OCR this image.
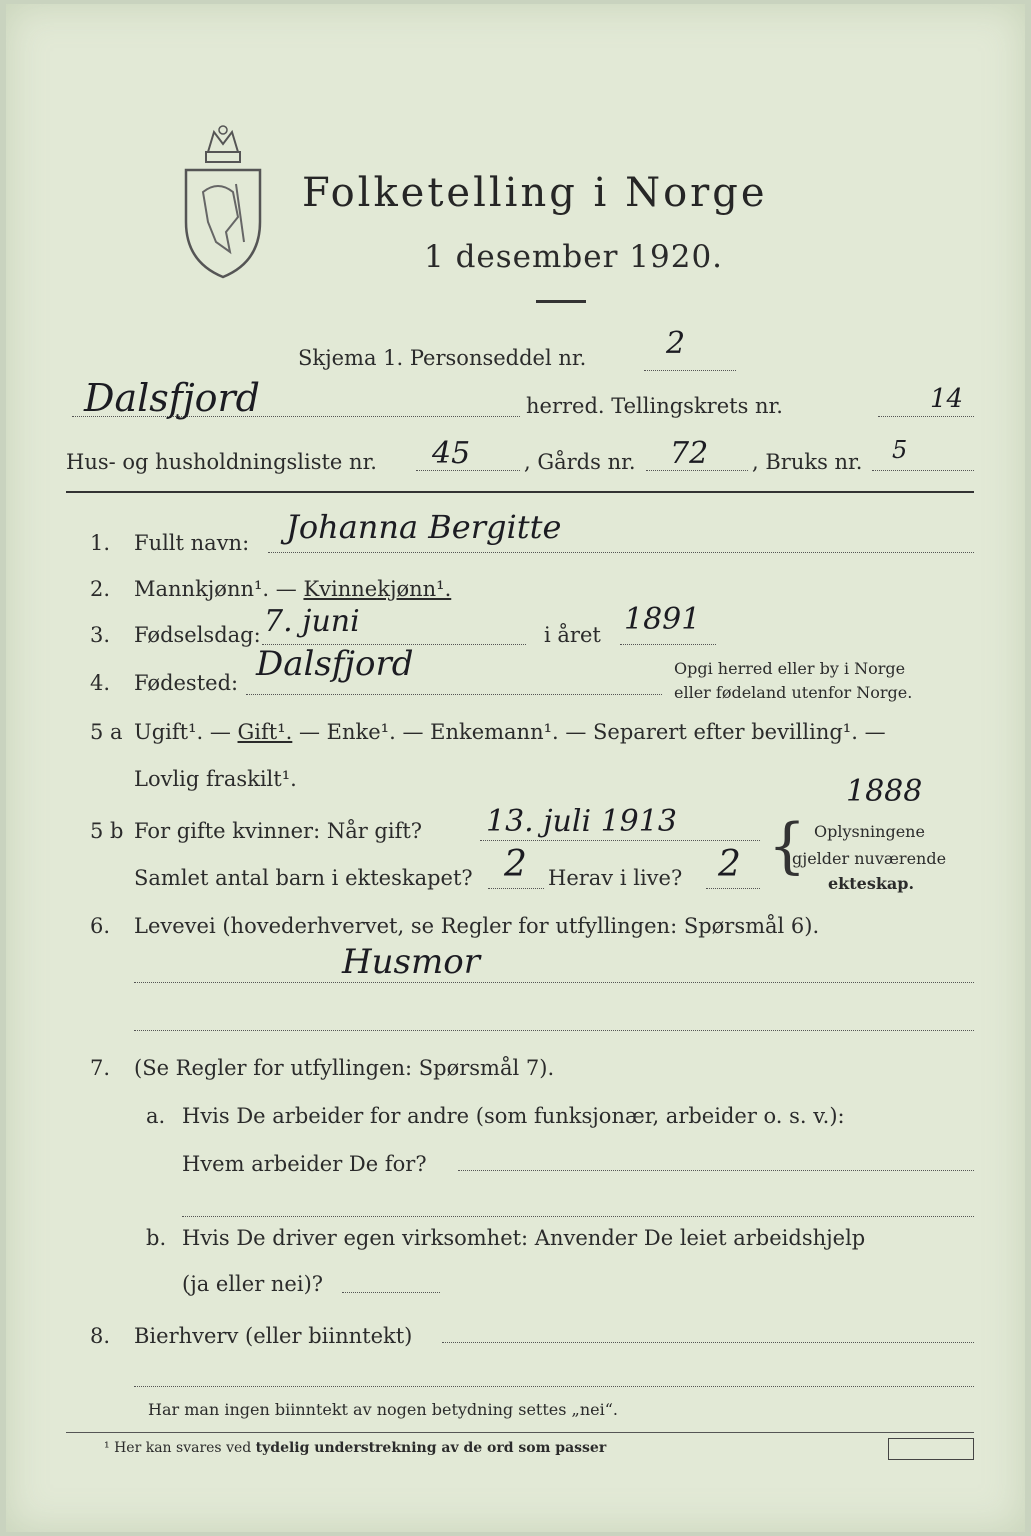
Folketelling i Norge
1 desember 1920.
Skjema 1. Personseddel nr.	2
Dalsfjord	herred. Tellingskrets nr.	14
Hus- og husholdningsliste nr. 45	, Gårds nr. 72 , Bruks nr. 5
1. Fullt navn: Johanna Bergitte
2. Mannkjønn¹. — Kvinnekjønn¹.
3. Fødselsdag: 7. juni	i året 1891
4. Fødested: Dalsfjord	Opgi herred eller by i Norge
eller fødeland utenfor Norge.
5 a Ugift¹. — Gift¹. — Enke¹. — Enkemann¹. — Separert efter bevilling¹. —
Lovlig fraskilt¹.
5 b For gifte kvinner: Når gift? 13. juli 1913
1888
Samlet antal barn i ekteskapet? 2 Herav i live? 2 { Oplysningene
gjelder nuværende
ekteskap.
6. Levevei (hovederhvervet, se Regler for utfyllingen: Spørsmål 6).
Husmor
7. (Se Regler for utfyllingen: Spørsmål 7).
a. Hvis De arbeider for andre (som funksjonær, arbeider o. s. v.):
Hvem arbeider De for?
b. Hvis De driver egen virksomhet: Anvender De leiet arbeidshjelp
(ja eller nei)?
8. Bierhverv (eller biinntekt)
Har man ingen biinntekt av nogen betydning settes „nei“.
¹ Her kan svares ved tydelig understrekning av de ord som passer
